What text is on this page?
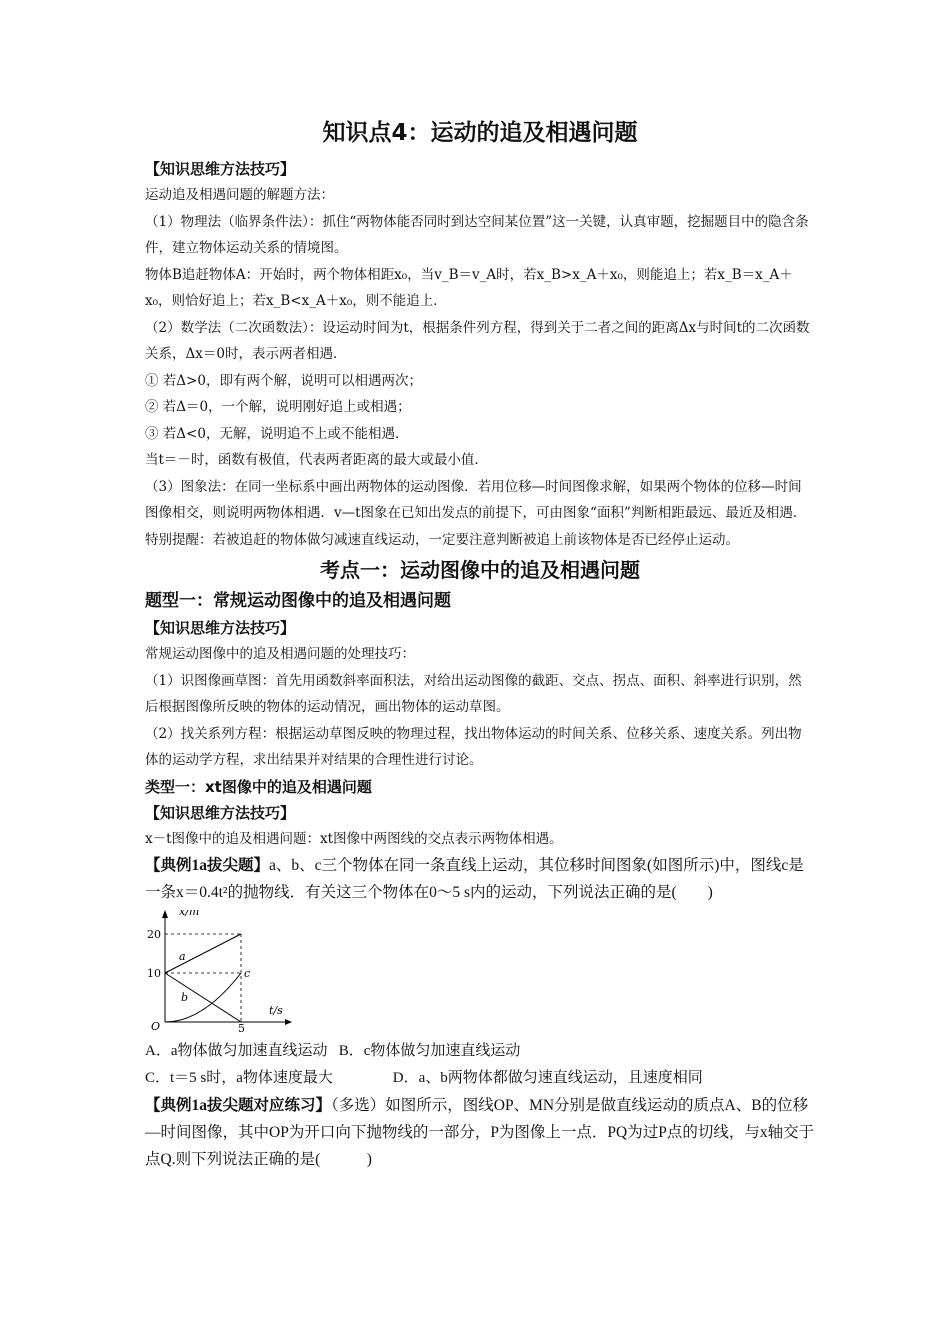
知识点4：运动的追及相遇问题
【知识思维方法技巧】

运动追及相遇问题的解题方法：

（1）物理法（临界条件法）：抓住“两物体能否同时到达空间某位置”这一关键，认真审题，挖掘题目中的隐含条件，建立物体运动关系的情境图。

物体B追赶物体A：开始时，两个物体相距x₀，当v_B＝v_A时，若x_B>x_A＋x₀，则能追上；若x_B＝x_A＋x₀，则恰好追上；若x_B<x_A＋x₀，则不能追上．

（2）数学法（二次函数法）：设运动时间为t，根据条件列方程，得到关于二者之间的距离Δx与时间t的二次函数关系，Δx＝0时，表示两者相遇．

① 若Δ>0，即有两个解，说明可以相遇两次；

② 若Δ＝0，一个解，说明刚好追上或相遇；

③ 若Δ<0，无解，说明追不上或不能相遇．

当t＝－时，函数有极值，代表两者距离的最大或最小值．

（3）图象法：在同一坐标系中画出两物体的运动图像．若用位移—时间图像求解，如果两个物体的位移—时间图像相交，则说明两物体相遇．v—t图象在已知出发点的前提下，可由图象“面积”判断相距最远、最近及相遇．

特别提醒：若被追赶的物体做匀减速直线运动，一定要注意判断被追上前该物体是否已经停止运动。

考点一：运动图像中的追及相遇问题
题型一：常规运动图像中的追及相遇问题
【知识思维方法技巧】

常规运动图像中的追及相遇问题的处理技巧：

（1）识图像画草图：首先用函数斜率面积法，对给出运动图像的截距、交点、拐点、面积、斜率进行识别，然后根据图像所反映的物体的运动情况，画出物体的运动草图。

（2）找关系列方程：根据运动草图反映的物理过程，找出物体运动的时间关系、位移关系、速度关系。列出物体的运动学方程，求出结果并对结果的合理性进行讨论。

类型一：xt图像中的追及相遇问题
【知识思维方法技巧】

x－t图像中的追及相遇问题：xt图像中两图线的交点表示两物体相遇。

【典例1a拔尖题】a、b、c三个物体在同一条直线上运动，其位移时间图象(如图所示)中，图线c是一条x＝0.4t²的抛物线．有关这三个物体在0～5 s内的运动，下列说法正确的是(　　)

x/m
t/s
20
10
5
O
a
b
c
A．a物体做匀加速直线运动 B．c物体做匀加速直线运动
C．t＝5 s时，a物体速度最大	D．a、b两物体都做匀速直线运动，且速度相同

【典例1a拔尖题对应练习】（多选）如图所示，图线OP、MN分别是做直线运动的质点A、B的位移—时间图像，其中OP为开口向下抛物线的一部分，P为图像上一点．PQ为过P点的切线，与x轴交于点Q.则下列说法正确的是(　　　)
